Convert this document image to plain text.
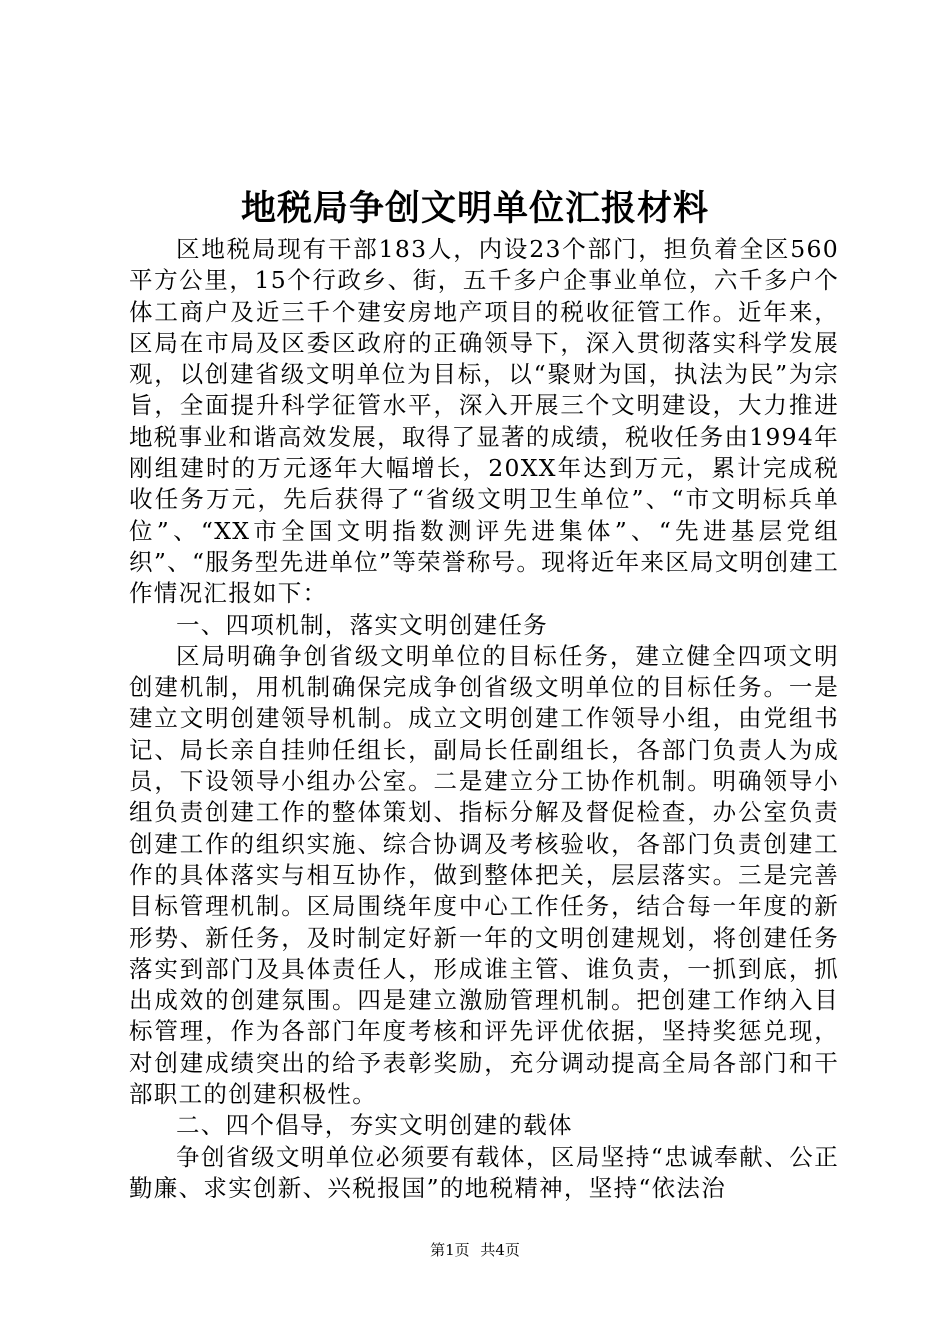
地税局争创文明单位汇报材料

区地税局现有干部183人，内设23个部门，担负着全区560平方公里，15个行政乡、街，五千多户企事业单位，六千多户个体工商户及近三千个建安房地产项目的税收征管工作。近年来，区局在市局及区委区政府的正确领导下，深入贯彻落实科学发展观，以创建省级文明单位为目标，以“聚财为国，执法为民”为宗旨，全面提升科学征管水平，深入开展三个文明建设，大力推进地税事业和谐高效发展，取得了显著的成绩，税收任务由1994年刚组建时的万元逐年大幅增长，20XX年达到万元，累计完成税收任务万元，先后获得了“省级文明卫生单位”、“市文明标兵单位”、“XX市全国文明指数测评先进集体”、“先进基层党组织”、“服务型先进单位”等荣誉称号。现将近年来区局文明创建工作情况汇报如下：

一、四项机制，落实文明创建任务

区局明确争创省级文明单位的目标任务，建立健全四项文明创建机制，用机制确保完成争创省级文明单位的目标任务。一是建立文明创建领导机制。成立文明创建工作领导小组，由党组书记、局长亲自挂帅任组长，副局长任副组长，各部门负责人为成员，下设领导小组办公室。二是建立分工协作机制。明确领导小组负责创建工作的整体策划、指标分解及督促检查，办公室负责创建工作的组织实施、综合协调及考核验收，各部门负责创建工作的具体落实与相互协作，做到整体把关，层层落实。三是完善目标管理机制。区局围绕年度中心工作任务，结合每一年度的新形势、新任务，及时制定好新一年的文明创建规划，将创建任务落实到部门及具体责任人，形成谁主管、谁负责，一抓到底，抓出成效的创建氛围。四是建立激励管理机制。把创建工作纳入目标管理，作为各部门年度考核和评先评优依据，坚持奖惩兑现，对创建成绩突出的给予表彰奖励，充分调动提高全局各部门和干部职工的创建积极性。

二、四个倡导，夯实文明创建的载体

争创省级文明单位必须要有载体，区局坚持“忠诚奉献、公正勤廉、求实创新、兴税报国”的地税精神，坚持“依法治

第1页 共4页
